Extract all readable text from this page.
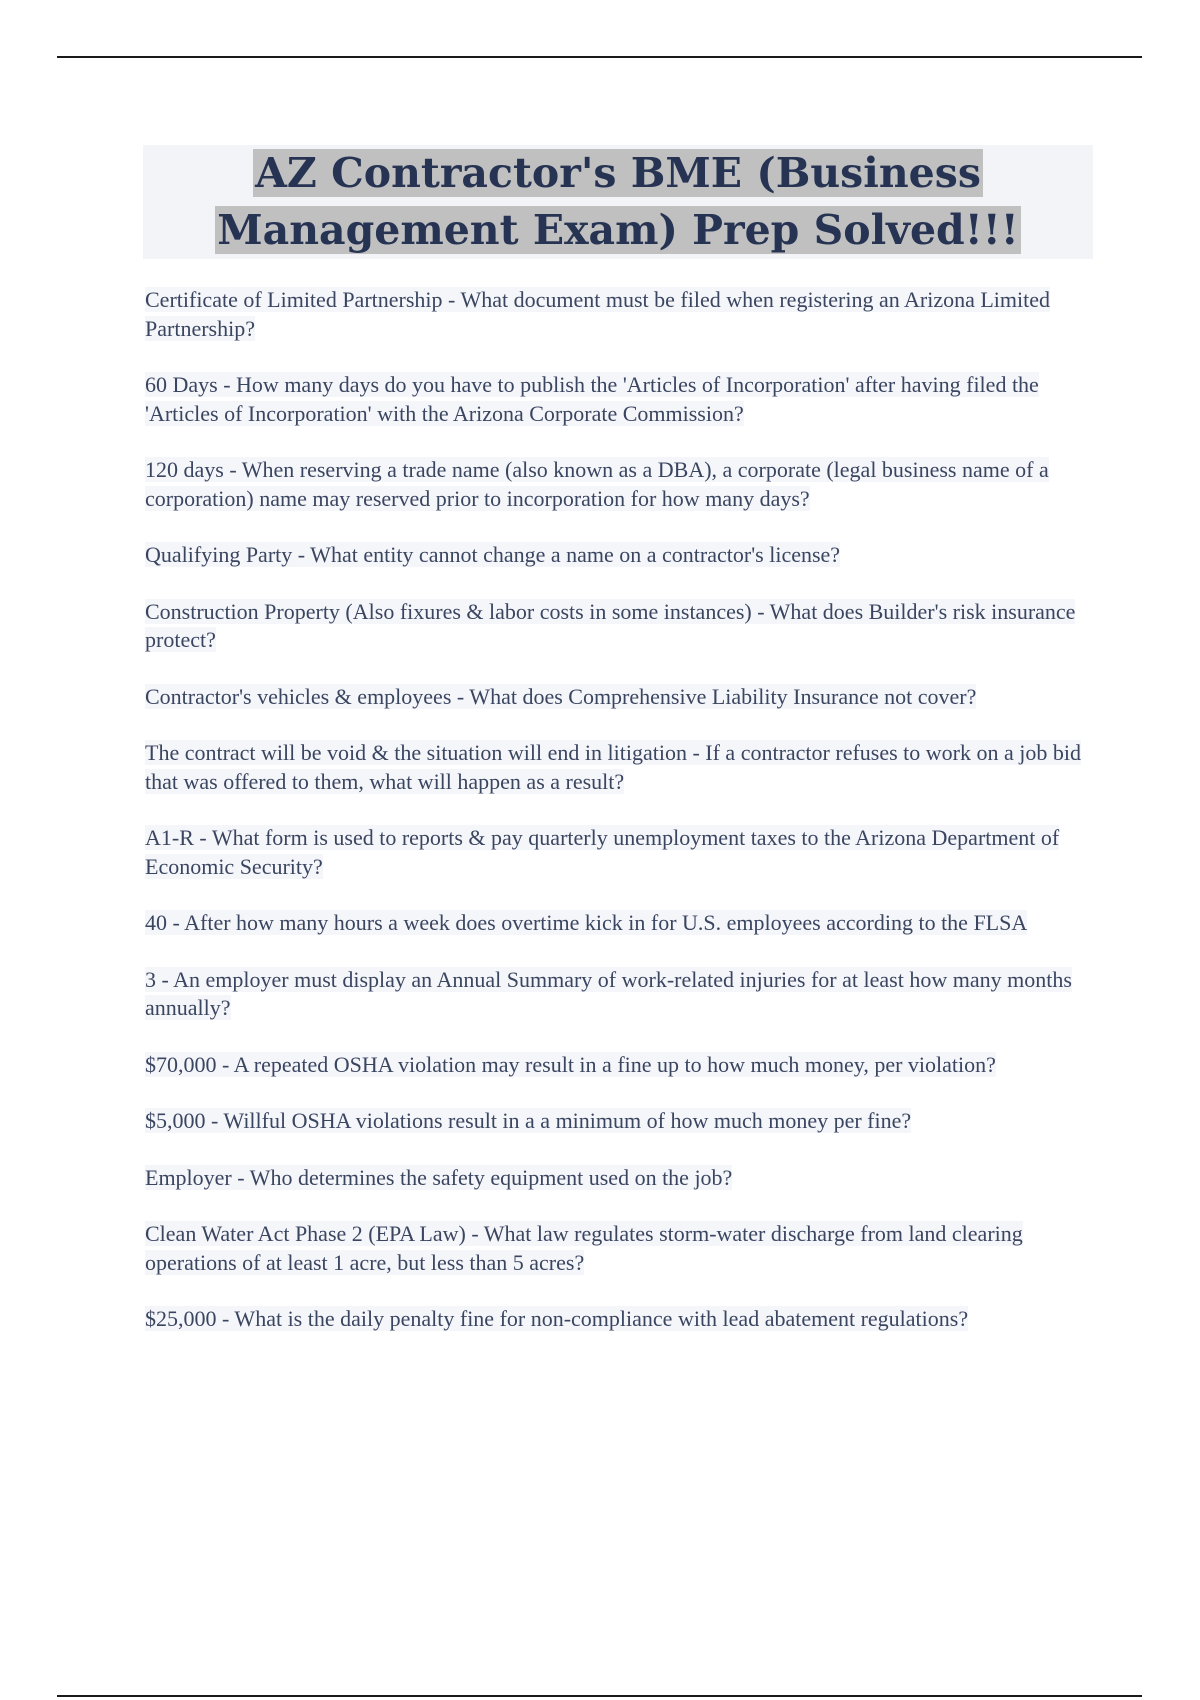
AZ Contractor's BME (Business
Management Exam) Prep Solved!!!
Certificate of Limited Partnership - What document must be filed when registering an Arizona Limited Partnership?
60 Days - How many days do you have to publish the 'Articles of Incorporation' after having filed the 'Articles of Incorporation' with the Arizona Corporate Commission?
120 days - When reserving a trade name (also known as a DBA), a corporate (legal business name of a corporation) name may reserved prior to incorporation for how many days?
Qualifying Party - What entity cannot change a name on a contractor's license?
Construction Property (Also fixures & labor costs in some instances) - What does Builder's risk insurance protect?
Contractor's vehicles & employees - What does Comprehensive Liability Insurance not cover?
The contract will be void & the situation will end in litigation - If a contractor refuses to work on a job bid that was offered to them, what will happen as a result?
A1-R - What form is used to reports & pay quarterly unemployment taxes to the Arizona Department of Economic Security?
40 - After how many hours a week does overtime kick in for U.S. employees according to the FLSA
3 - An employer must display an Annual Summary of work-related injuries for at least how many months annually?
$70,000 - A repeated OSHA violation may result in a fine up to how much money, per violation?
$5,000 - Willful OSHA violations result in a a minimum of how much money per fine?
Employer - Who determines the safety equipment used on the job?
Clean Water Act Phase 2 (EPA Law) - What law regulates storm-water discharge from land clearing operations of at least 1 acre, but less than 5 acres?
$25,000 - What is the daily penalty fine for non-compliance with lead abatement regulations?
